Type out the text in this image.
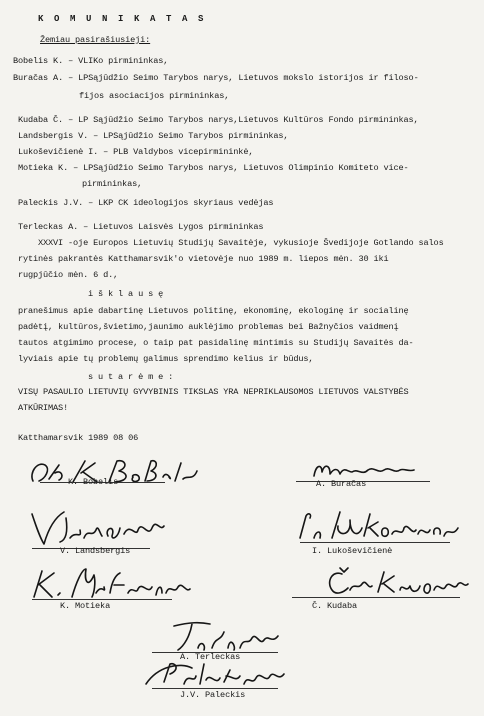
K O M U N I K A T A S
Žemiau pasirašiusieji:
Bobelis K. – VLIKo pirmininkas,
Buračas A. – LPSąjūdžio Seimo Tarybos narys, Lietuvos mokslo istorijos ir filoso-
fijos asociacijos pirmininkas,
Kudaba Č. – LP Sąjūdžio Seimo Tarybos narys,Lietuvos Kultūros Fondo pirmininkas,
Landsbergis V. – LPSąjūdžio Seimo Tarybos pirmininkas,
Lukoševičienė I. – PLB Valdybos vicepirmininkė,
Motieka K. – LPSąjūdžio Seimo Tarybos narys, Lietuvos Olimpinio Komiteto vice-
pirmininkas,
Paleckis J.V. – LKP CK ideologijos skyriaus vedėjas
Terleckas A. – Lietuvos Laisvės Lygos pirmininkas
XXXVI -oje Europos Lietuvių Studijų Savaitėje, vykusioje Švedijoje Gotlando salos
rytinės pakrantės Katthamarsvik'o vietovėje nuo 1989 m. liepos mėn. 30 iki
rugpjūčio mėn. 6 d.,
i š k l a u s ę
pranešimus apie dabartinę Lietuvos politinę, ekonominę, ekologinę ir socialinę
padėtį, kultūros,švietimo,jaunimo auklėjimo problemas bei Bažnyčios vaidmenį
tautos atgimimo procese, o taip pat pasidalinę mintimis su Studijų Savaitės da-
lyviais apie tų problemų galimus sprendimo kelius ir būdus,
s u t a r ė m e :
VISŲ PASAULIO LIETUVIŲ GYVYBINIS TIKSLAS YRA NEPRIKLAUSOMOS LIETUVOS VALSTYBĖS
ATKŪRIMAS!
Katthamarsvik 1989 08 06
K. Bobelis	A. Buračas
V. Landsbergis	I. Lukoševičienė
K. Motieka	Č. Kudaba
A. Terleckas
J.V. Paleckis
